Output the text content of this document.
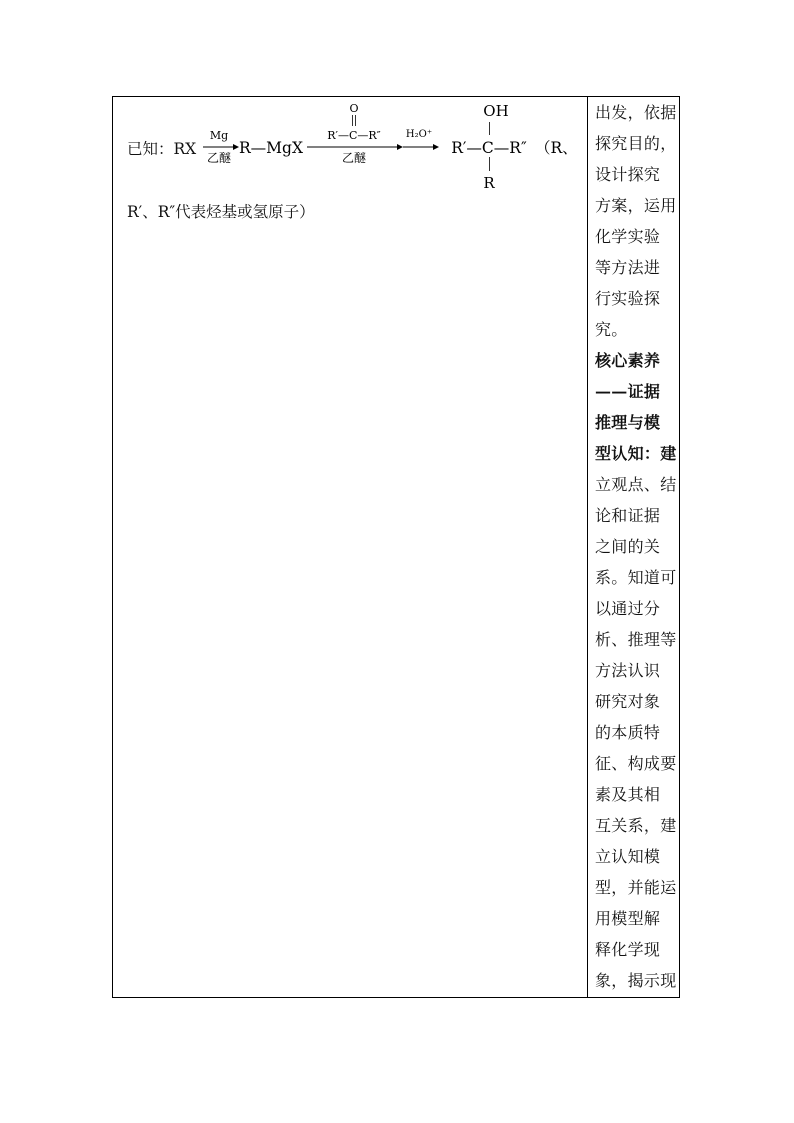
已知：RX
Mg
乙醚
R—MgX
O
R′—C—R″
乙醚
H₂O⁺
OH
R′—C—R″
R
（R、
R′、R″代表烃基或氢原子）
出发，依据
探究目的，
设计探究
方案，运用
化学实验
等方法进
行实验探
究。
核心素养
——证据
推理与模
型认知：建
立观点、结
论和证据
之间的关
系。知道可
以通过分
析、推理等
方法认识
研究对象
的本质特
征、构成要
素及其相
互关系，建
立认知模
型，并能运
用模型解
释化学现
象，揭示现
